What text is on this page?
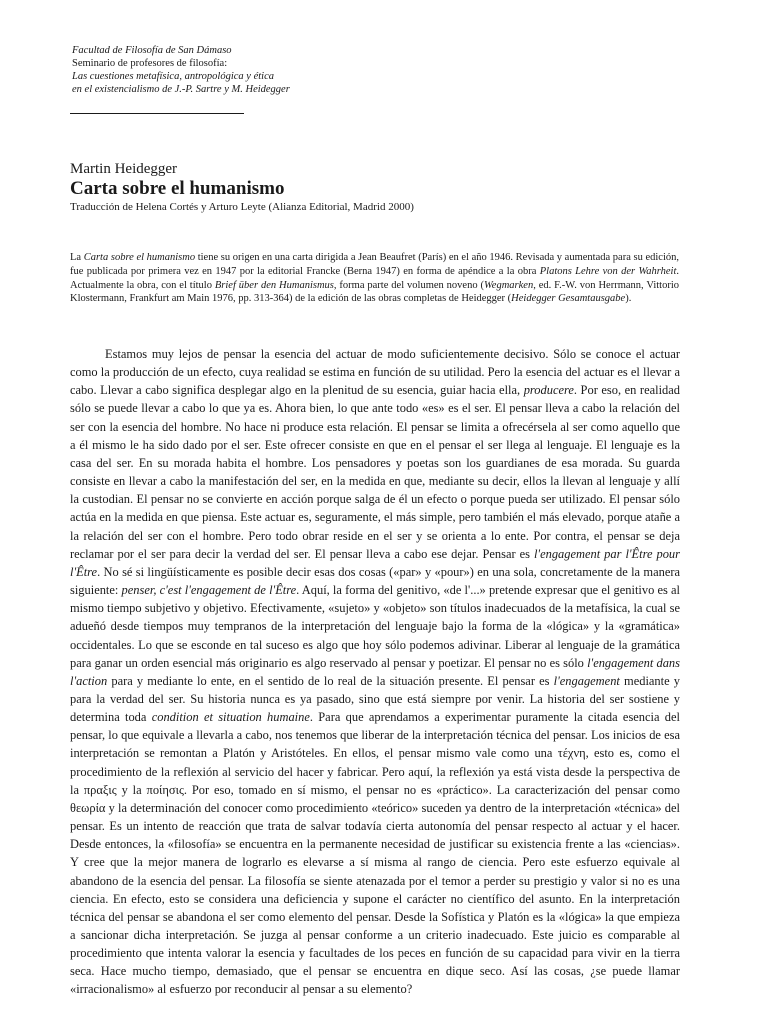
Facultad de Filosofía de San Dámaso
Seminario de profesores de filosofía:
Las cuestiones metafísica, antropológica y ética
en el existencialismo de J.-P. Sartre y M. Heidegger
Martin Heidegger
Carta sobre el humanismo
Traducción de Helena Cortés y Arturo Leyte (Alianza Editorial, Madrid 2000)
La Carta sobre el humanismo tiene su origen en una carta dirigida a Jean Beaufret (París) en el año 1946. Revisada y aumentada para su edición, fue publicada por primera vez en 1947 por la editorial Francke (Berna 1947) en forma de apéndice a la obra Platons Lehre von der Wahrheit. Actualmente la obra, con el título Brief über den Humanismus, forma parte del volumen noveno (Wegmarken, ed. F.-W. von Herrmann, Vittorio Klostermann, Frankfurt am Main 1976, pp. 313-364) de la edición de las obras completas de Heidegger (Heidegger Gesamtausgabe).

Estamos muy lejos de pensar la esencia del actuar de modo suficientemente decisivo. Sólo se conoce el actuar como la producción de un efecto, cuya realidad se estima en función de su utilidad. Pero la esencia del actuar es el llevar a cabo. Llevar a cabo significa desplegar algo en la plenitud de su esencia, guiar hacia ella, producere. Por eso, en realidad sólo se puede llevar a cabo lo que ya es. Ahora bien, lo que ante todo «es» es el ser. El pensar lleva a cabo la relación del ser con la esencia del hombre. No hace ni produce esta relación. El pensar se limita a ofrecérsela al ser como aquello que a él mismo le ha sido dado por el ser. Este ofrecer consiste en que en el pensar el ser llega al lenguaje. El lenguaje es la casa del ser. En su morada habita el hombre. Los pensadores y poetas son los guardianes de esa morada. Su guarda consiste en llevar a cabo la manifestación del ser, en la medida en que, mediante su decir, ellos la llevan al lenguaje y allí la custodian. El pensar no se convierte en acción porque salga de él un efecto o porque pueda ser utilizado. El pensar sólo actúa en la medida en que piensa. Este actuar es, seguramente, el más simple, pero también el más elevado, porque atañe a la relación del ser con el hombre. Pero todo obrar reside en el ser y se orienta a lo ente. Por contra, el pensar se deja reclamar por el ser para decir la verdad del ser. El pensar lleva a cabo ese dejar. Pensar es l'engagement par l'Être pour l'Être. No sé si lingüísticamente es posible decir esas dos cosas («par» y «pour») en una sola, concretamente de la manera siguiente: penser, c'est l'engagement de l'Être. Aquí, la forma del genitivo, «de l'...» pretende expresar que el genitivo es al mismo tiempo subjetivo y objetivo. Efectivamente, «sujeto» y «objeto» son títulos inadecuados de la metafísica, la cual se adueñó desde tiempos muy tempranos de la interpretación del lenguaje bajo la forma de la «lógica» y la «gramática» occidentales. Lo que se esconde en tal suceso es algo que hoy sólo podemos adivinar. Liberar al lenguaje de la gramática para ganar un orden esencial más originario es algo reservado al pensar y poetizar. El pensar no es sólo l'engagement dans l'action para y mediante lo ente, en el sentido de lo real de la situación presente. El pensar es l'engagement mediante y para la verdad del ser. Su historia nunca es ya pasado, sino que está siempre por venir. La historia del ser sostiene y determina toda condition et situation humaine. Para que aprendamos a experimentar puramente la citada esencia del pensar, lo que equivale a llevarla a cabo, nos tenemos que liberar de la interpretación técnica del pensar. Los inicios de esa interpretación se remontan a Platón y Aristóteles. En ellos, el pensar mismo vale como una τέχνη, esto es, como el procedimiento de la reflexión al servicio del hacer y fabricar. Pero aquí, la reflexión ya está vista desde la perspectiva de la πραξις y la ποίησις. Por eso, tomado en sí mismo, el pensar no es «práctico». La caracterización del pensar como θεωρία y la determinación del conocer como procedimiento «teórico» suceden ya dentro de la interpretación «técnica» del pensar. Es un intento de reacción que trata de salvar todavía cierta autonomía del pensar respecto al actuar y el hacer. Desde entonces, la «filosofía» se encuentra en la permanente necesidad de justificar su existencia frente a las «ciencias». Y cree que la mejor manera de lograrlo es elevarse a sí misma al rango de ciencia. Pero este esfuerzo equivale al abandono de la esencia del pensar. La filosofía se siente atenazada por el temor a perder su prestigio y valor si no es una ciencia. En efecto, esto se considera una deficiencia y supone el carácter no científico del asunto. En la interpretación técnica del pensar se abandona el ser como elemento del pensar. Desde la Sofística y Platón es la «lógica» la que empieza a sancionar dicha interpretación. Se juzga al pensar conforme a un criterio inadecuado. Este juicio es comparable al procedimiento que intenta valorar la esencia y facultades de los peces en función de su capacidad para vivir en la tierra seca. Hace mucho tiempo, demasiado, que el pensar se encuentra en dique seco. Así las cosas, ¿se puede llamar «irracionalismo» al esfuerzo por reconducir al pensar a su elemento?
